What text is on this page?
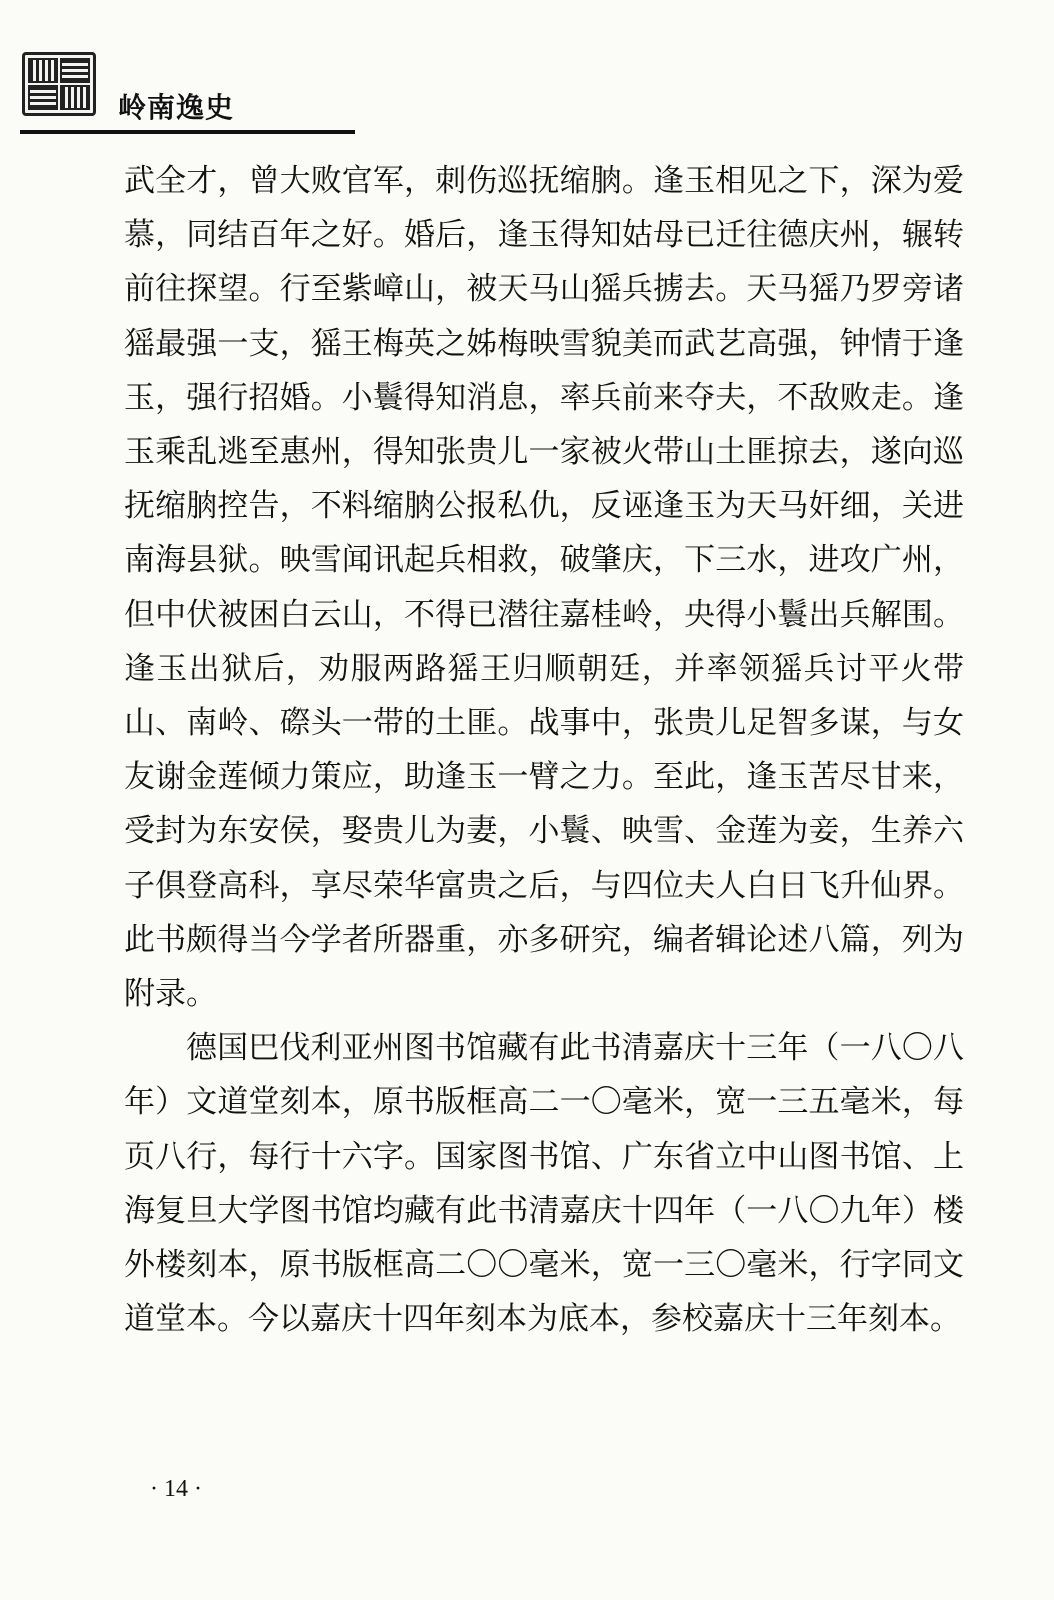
岭南逸史

武全才，曾大败官军，刺伤巡抚缩朒。逢玉相见之下，深为爱慕，同结百年之好。婚后，逢玉得知姑母已迁往德庆州，辗转前往探望。行至紫嶂山，被天马山猺兵掳去。天马猺乃罗旁诸猺最强一支，猺王梅英之姊梅映雪貌美而武艺高强，钟情于逢玉，强行招婚。小鬟得知消息，率兵前来夺夫，不敌败走。逢玉乘乱逃至惠州，得知张贵儿一家被火带山土匪掠去，遂向巡抚缩朒控告，不料缩朒公报私仇，反诬逢玉为天马奸细，关进南海县狱。映雪闻讯起兵相救，破肇庆，下三水，进攻广州，但中伏被困白云山，不得已潜往嘉桂岭，央得小鬟出兵解围。逢玉出狱后，劝服两路猺王归顺朝廷，并率领猺兵讨平火带山、南岭、磜头一带的土匪。战事中，张贵儿足智多谋，与女友谢金莲倾力策应，助逢玉一臂之力。至此，逢玉苦尽甘来，受封为东安侯，娶贵儿为妻，小鬟、映雪、金莲为妾，生养六子俱登高科，享尽荣华富贵之后，与四位夫人白日飞升仙界。此书颇得当今学者所器重，亦多研究，编者辑论述八篇，列为附录。

德国巴伐利亚州图书馆藏有此书清嘉庆十三年（一八〇八年）文道堂刻本，原书版框高二一〇毫米，宽一三五毫米，每页八行，每行十六字。国家图书馆、广东省立中山图书馆、上海复旦大学图书馆均藏有此书清嘉庆十四年（一八〇九年）楼外楼刻本，原书版框高二〇〇毫米，宽一三〇毫米，行字同文道堂本。今以嘉庆十四年刻本为底本，参校嘉庆十三年刻本。

· 14 ·
